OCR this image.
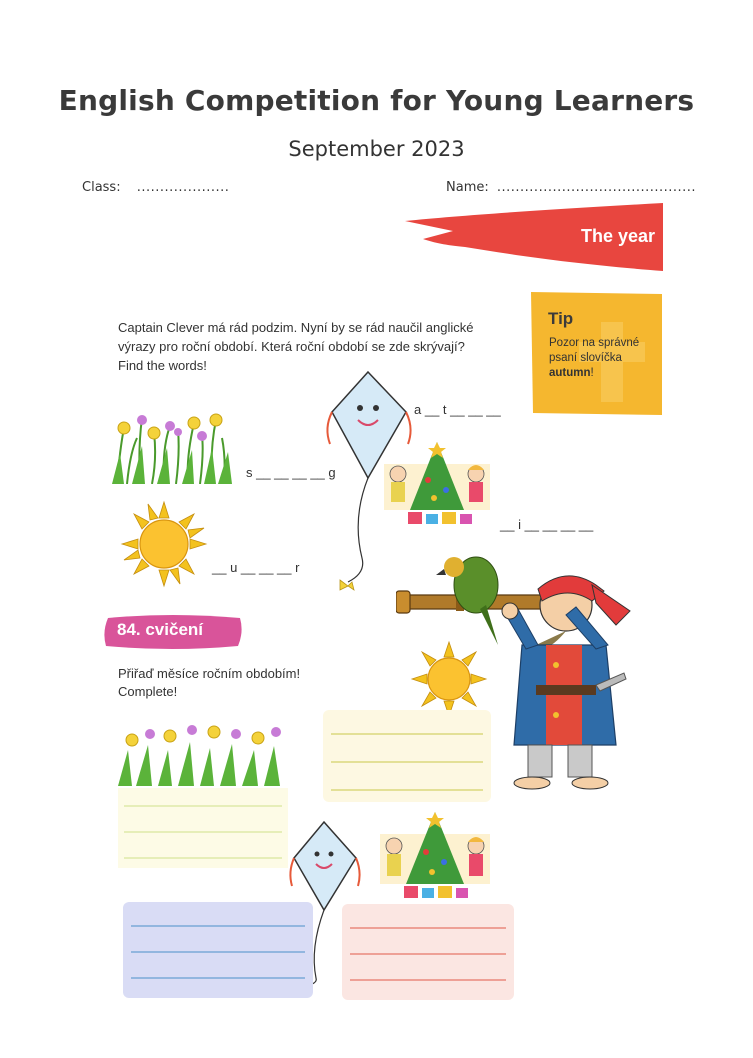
English Competition for Young Learners
September 2023
Class: ....................	Name: ...........................................
The year
Tip
Pozor na správné
psaní slovíčka
autumn!
Captain Clever má rád podzim. Nyní by se rád naučil anglické
výrazy pro roční období. Která roční období se zde skrývají?
Find the words!
a __ t __ __ __
s __ __ __ __ g
__ i __ __ __ __
__ u __ __ __ r
84. cvičení
Přiřaď měsíce ročním obdobím!
Complete!
